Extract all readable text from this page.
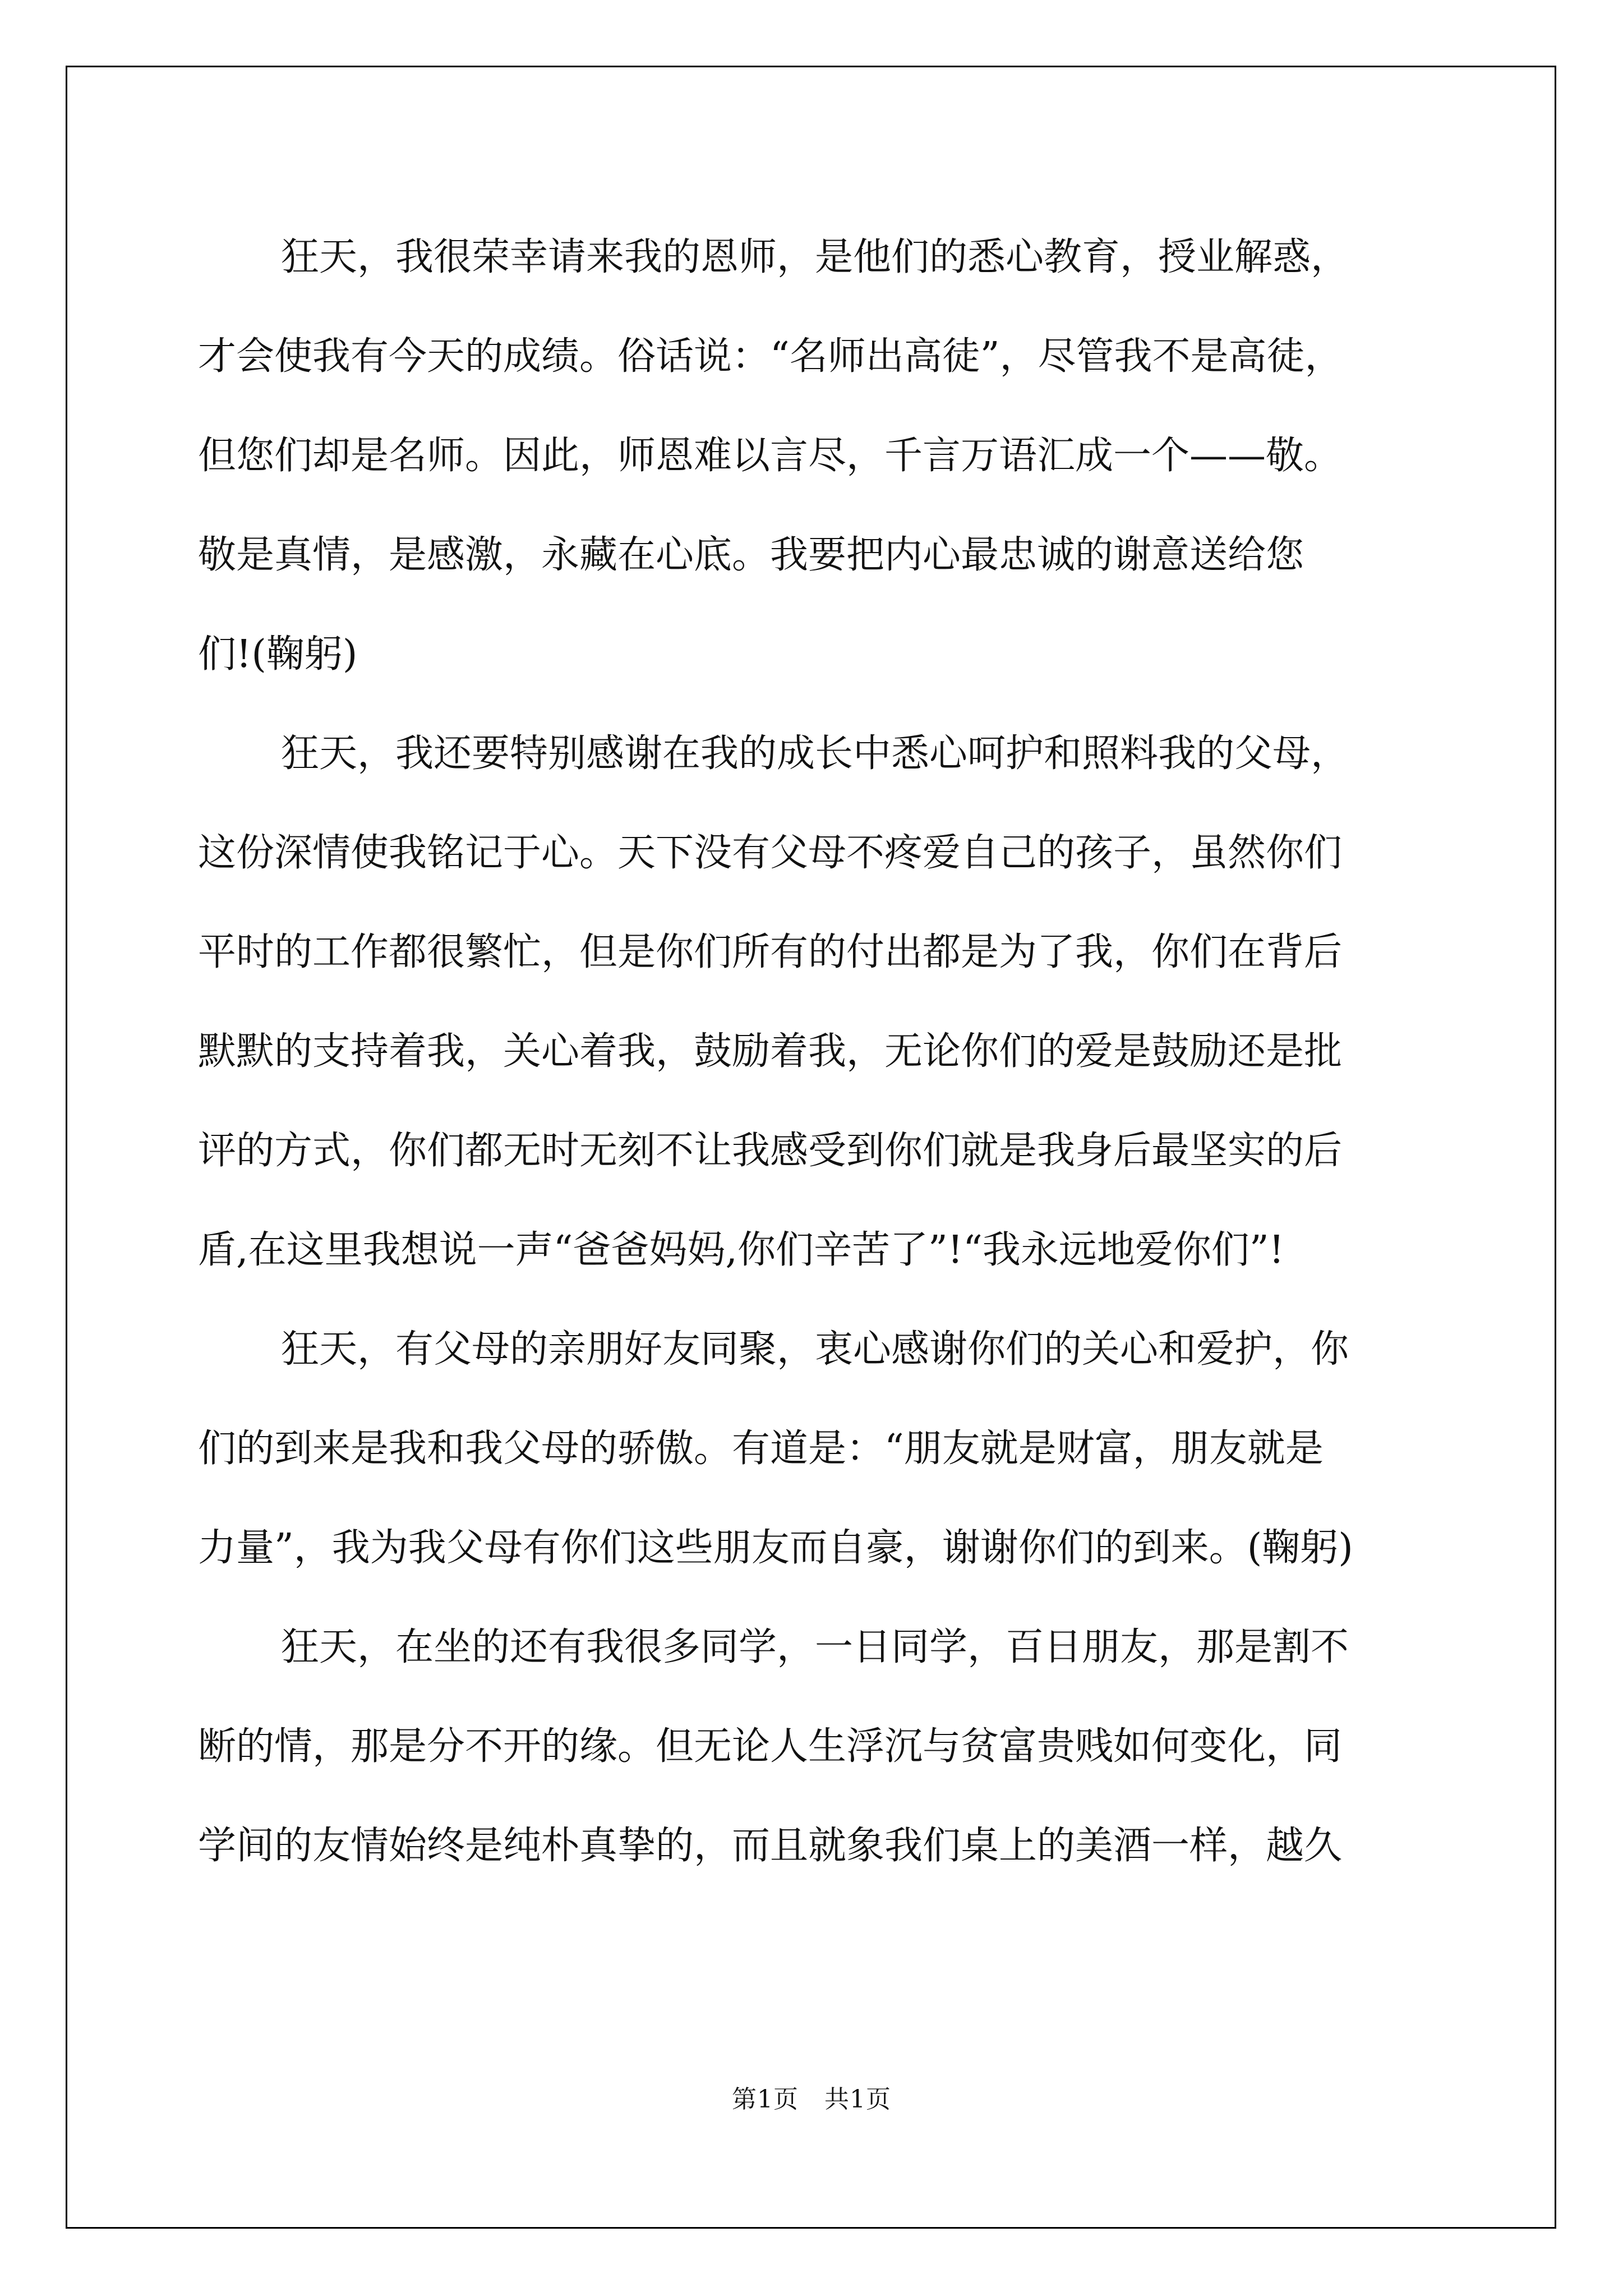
狂天，我很荣幸请来我的恩师，是他们的悉心教育，授业解惑，
才会使我有今天的成绩。俗话说：“名师出高徒”，尽管我不是高徒，
但您们却是名师。因此，师恩难以言尽，千言万语汇成一个——敬。
敬是真情，是感激，永藏在心底。我要把内心最忠诚的谢意送给您
们!(鞠躬)
狂天，我还要特别感谢在我的成长中悉心呵护和照料我的父母，
这份深情使我铭记于心。天下没有父母不疼爱自己的孩子，虽然你们
平时的工作都很繁忙，但是你们所有的付出都是为了我，你们在背后
默默的支持着我，关心着我，鼓励着我，无论你们的爱是鼓励还是批
评的方式，你们都无时无刻不让我感受到你们就是我身后最坚实的后
盾,在这里我想说一声“爸爸妈妈,你们辛苦了”!“我永远地爱你们”!
狂天，有父母的亲朋好友同聚，衷心感谢你们的关心和爱护，你
们的到来是我和我父母的骄傲。有道是：“朋友就是财富，朋友就是
力量”，我为我父母有你们这些朋友而自豪，谢谢你们的到来。(鞠躬)
狂天，在坐的还有我很多同学，一日同学，百日朋友，那是割不
断的情，那是分不开的缘。但无论人生浮沉与贫富贵贱如何变化，同
学间的友情始终是纯朴真挚的，而且就象我们桌上的美酒一样，越久
第1页 共1页
